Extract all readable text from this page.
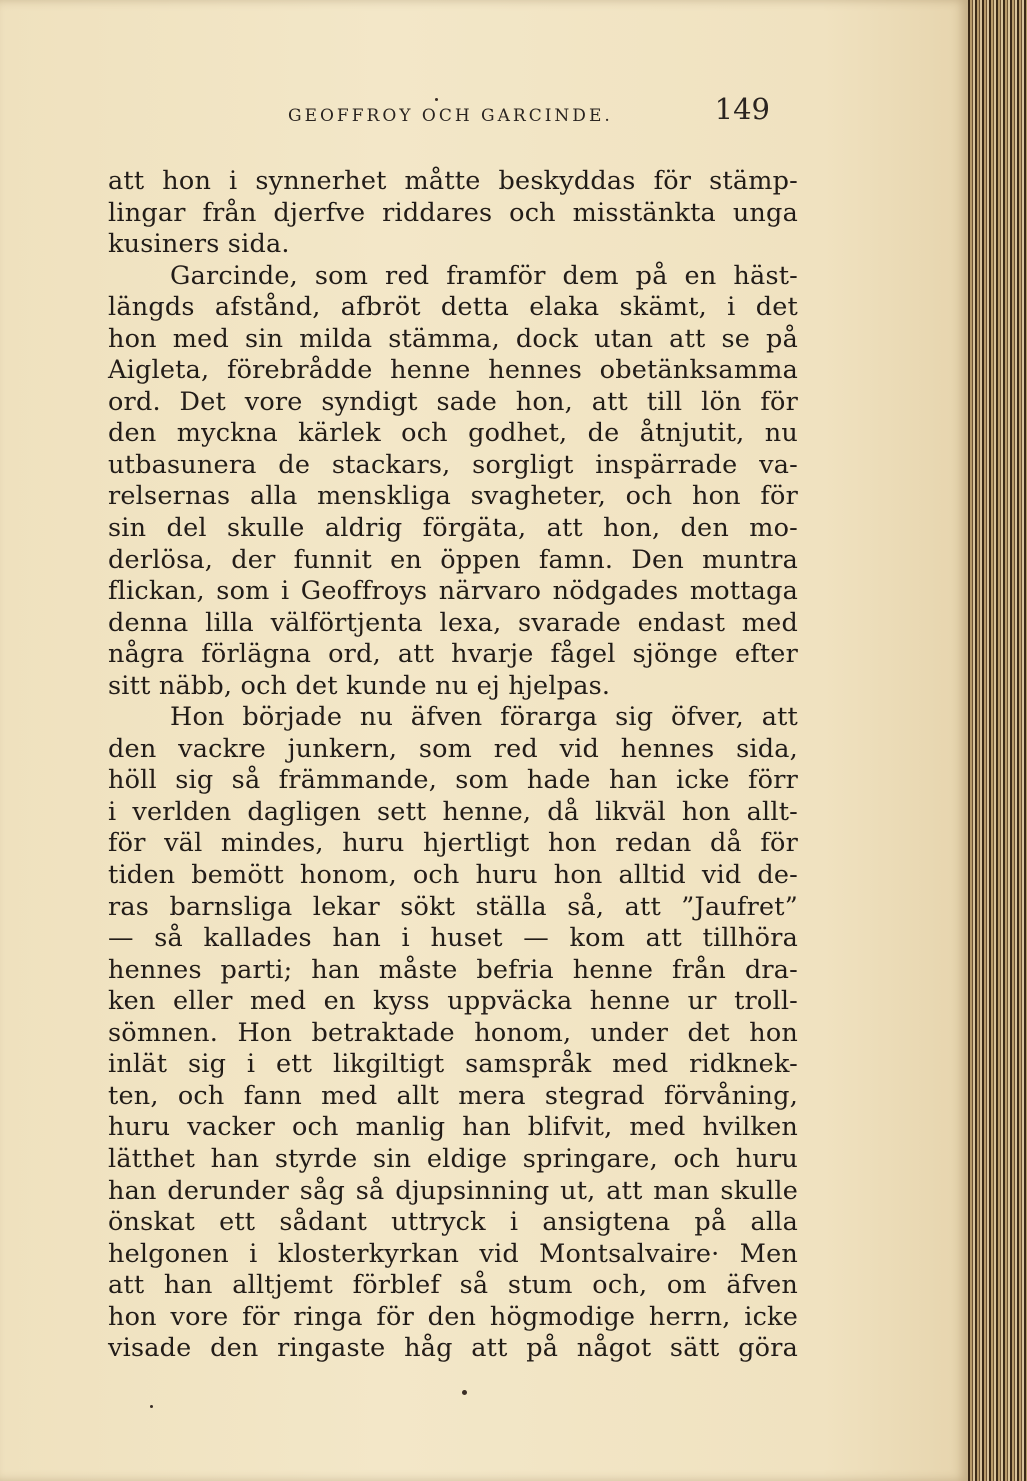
GEOFFROY OCH GARCINDE.	149
att hon i synnerhet måtte beskyddas för stämp-
lingar från djerfve riddares och misstänkta unga
kusiners sida.
Garcinde, som red framför dem på en häst-
längds afstånd, afbröt detta elaka skämt, i det
hon med sin milda stämma, dock utan att se på
Aigleta, förebrådde henne hennes obetänksamma
ord. Det vore syndigt sade hon, att till lön för
den myckna kärlek och godhet, de åtnjutit, nu
utbasunera de stackars, sorgligt inspärrade va-
relsernas alla menskliga svagheter, och hon för
sin del skulle aldrig förgäta, att hon, den mo-
derlösa, der funnit en öppen famn. Den muntra
flickan, som i Geoffroys närvaro nödgades mottaga
denna lilla välförtjenta lexa, svarade endast med
några förlägna ord, att hvarje fågel sjönge efter
sitt näbb, och det kunde nu ej hjelpas.
Hon började nu äfven förarga sig öfver, att
den vackre junkern, som red vid hennes sida,
höll sig så främmande, som hade han icke förr
i verlden dagligen sett henne, då likväl hon allt-
för väl mindes, huru hjertligt hon redan då för
tiden bemött honom, och huru hon alltid vid de-
ras barnsliga lekar sökt ställa så, att ”Jaufret”
— så kallades han i huset — kom att tillhöra
hennes parti; han måste befria henne från dra-
ken eller med en kyss uppväcka henne ur troll-
sömnen. Hon betraktade honom, under det hon
inlät sig i ett likgiltigt samspråk med ridknek-
ten, och fann med allt mera stegrad förvåning,
huru vacker och manlig han blifvit, med hvilken
lätthet han styrde sin eldige springare, och huru
han derunder såg så djupsinning ut, att man skulle
önskat ett sådant uttryck i ansigtena på alla
helgonen i klosterkyrkan vid Montsalvaire· Men
att han alltjemt förblef så stum och, om äfven
hon vore för ringa för den högmodige herrn, icke
visade den ringaste håg att på något sätt göra
